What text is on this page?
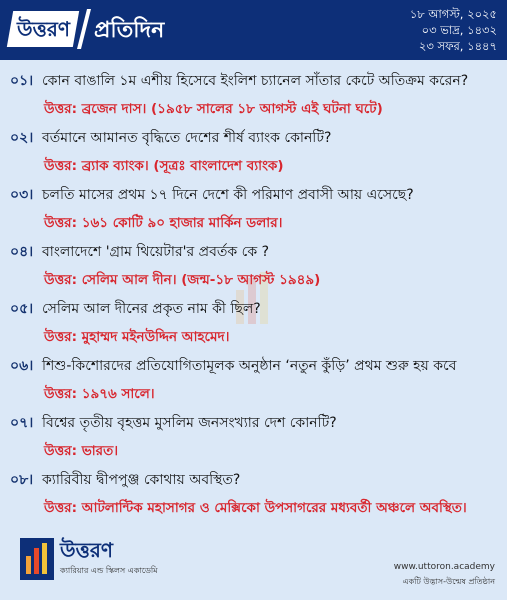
উত্তরণ	প্রতিদিন
১৮ আগস্ট, ২০২৫
০৩ ভাদ্র, ১৪৩২
২৩ সফর, ১৪৪৭
০১। কোন বাঙালি ১ম এশীয় হিসেবে ইংলিশ চ্যানেল সাঁতার কেটে অতিক্রম করেন?
উত্তর: ব্রজেন দাস। (১৯৫৮ সালের ১৮ আগস্ট এই ঘটনা ঘটে)
০২। বর্তমানে আমানত বৃদ্ধিতে দেশের শীর্ষ ব্যাংক কোনটি?
উত্তর: ব্র্যাক ব্যাংক। (সূত্রঃ বাংলাদেশ ব্যাংক)
০৩। চলতি মাসের প্রথম ১৭ দিনে দেশে কী পরিমাণ প্রবাসী আয় এসেছে?
উত্তর: ১৬১ কোটি ৯০ হাজার মার্কিন ডলার।
০৪। বাংলাদেশে 'গ্রাম থিয়েটার'র প্রবর্তক কে ?
উত্তর: সেলিম আল দীন। (জন্ম-১৮ আগস্ট ১৯৪৯)
০৫। সেলিম আল দীনের প্রকৃত নাম কী ছিল?
উত্তর: মুহাম্মদ মইনউদ্দিন আহমেদ।
০৬। শিশু-কিশোরদের প্রতিযোগিতামূলক অনুষ্ঠান ‘নতুন কুঁড়ি’ প্রথম শুরু হয় কবে
উত্তর: ১৯৭৬ সালে।
০৭। বিশ্বের তৃতীয় বৃহত্তম মুসলিম জনসংখ্যার দেশ কোনটি?
উত্তর: ভারত।
০৮। ক্যারিবীয় দ্বীপপুঞ্জ কোথায় অবস্থিত?
উত্তর: আটলান্টিক মহাসাগর ও মেক্সিকো উপসাগরের মধ্যবর্তী অঞ্চলে অবস্থিত।
উত্তরণ
ক্যারিয়ার এন্ড স্কিলস একাডেমি	www.uttoron.academy
একটি উদ্ভাস-উন্মেষ প্রতিষ্ঠান
